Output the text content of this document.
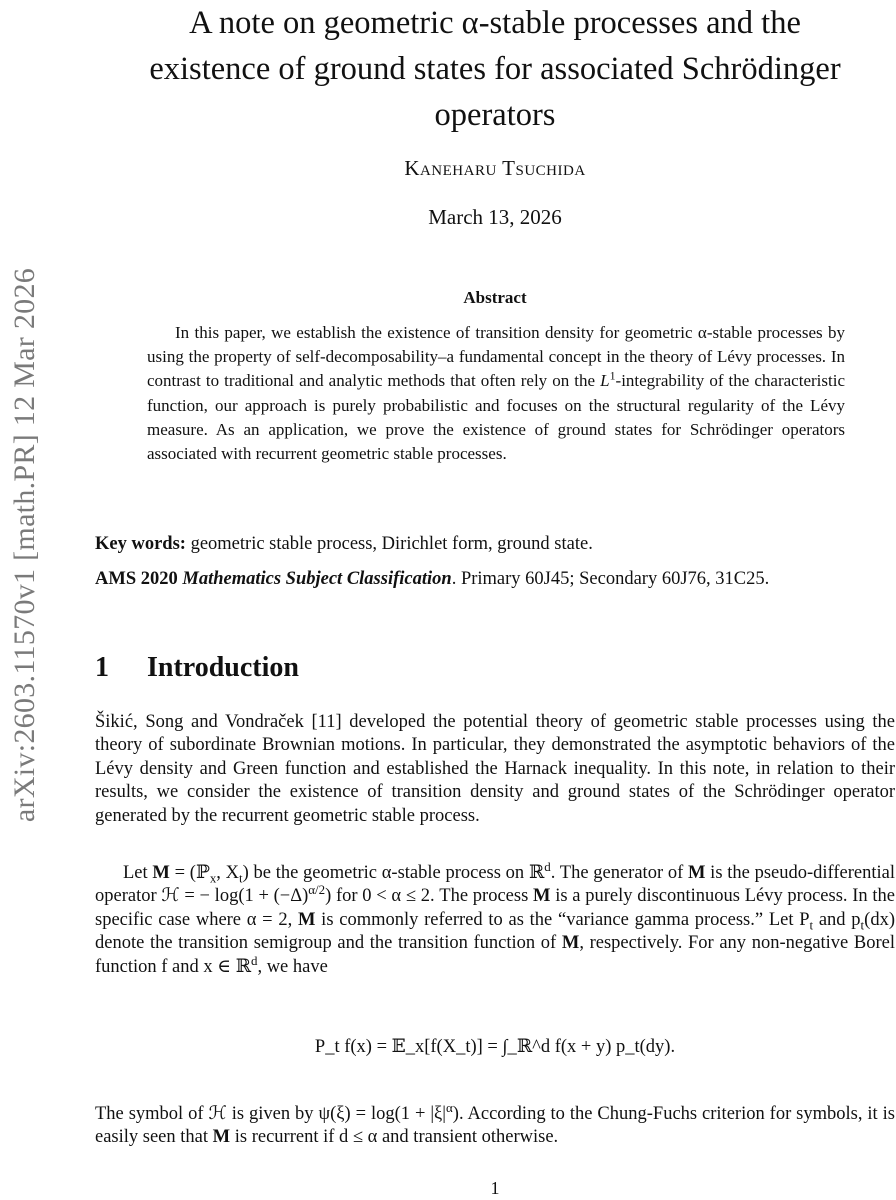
arXiv:2603.11570v1 [math.PR] 12 Mar 2026
A note on geometric α-stable processes and the
existence of ground states for associated Schrödinger
operators
Kaneharu Tsuchida
March 13, 2026
Abstract

In this paper, we establish the existence of transition density for geometric α-stable processes by using the property of self-decomposability–a fundamental concept in the theory of Lévy processes. In contrast to traditional and analytic methods that often rely on the $L^1$-integrability of the characteristic function, our approach is purely probabilistic and focuses on the structural regularity of the Lévy measure. As an application, we prove the existence of ground states for Schrödinger operators associated with recurrent geometric stable processes.

Key words: geometric stable process, Dirichlet form, ground state.

AMS 2020 Mathematics Subject Classification. Primary 60J45; Secondary 60J76, 31C25.

1 Introduction

Šikić, Song and Vondraček [11] developed the potential theory of geometric stable processes using the theory of subordinate Brownian motions. In particular, they demonstrated the asymptotic behaviors of the Lévy density and Green function and established the Harnack inequality. In this note, in relation to their results, we consider the existence of transition density and ground states of the Schrödinger operator generated by the recurrent geometric stable process.

Let M = (ℙ$_x$, $X_t$) be the geometric α-stable process on ℝ$^d$. The generator of M is the pseudo-differential operator ℋ = − $\log(1 + (-\Delta)^{\alpha/2})$ for 0 < α ≤ 2. The process M is a purely discontinuous Lévy process. In the specific case where α = 2, M is commonly referred to as the “variance gamma process.” Let $P_t$ and $p_t(dx)$ denote the transition semigroup and the transition function of M, respectively. For any non-negative Borel function f and x ∈ ℝ$^d$, we have

P_t f(x) = 𝔼_x[f(X_t)] = ∫_ℝ^d f(x + y) p_t(dy).

The symbol of ℋ is given by $\psi(\xi) = \log(1 + |\xi|^\alpha)$. According to the Chung-Fuchs criterion for symbols, it is easily seen that M is recurrent if d ≤ α and transient otherwise.

1
